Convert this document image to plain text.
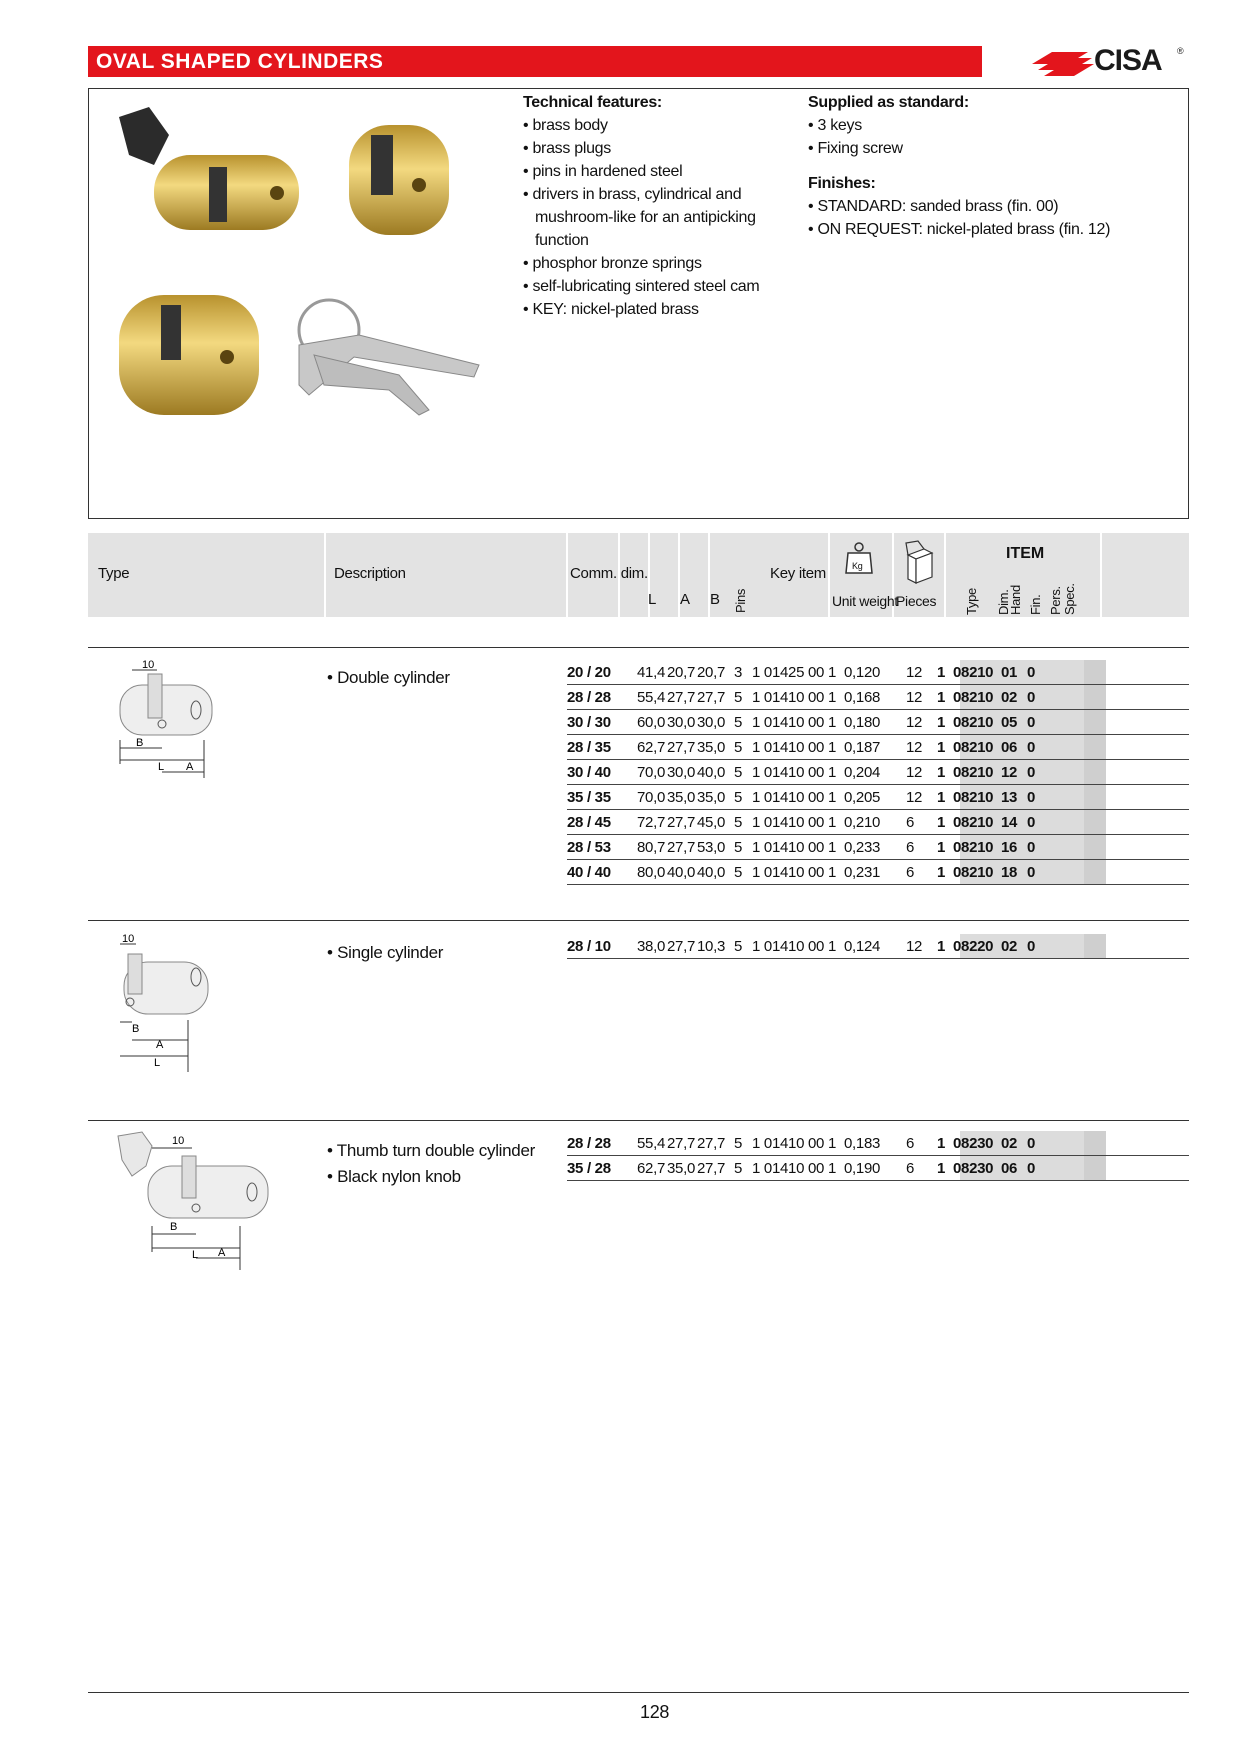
OVAL SHAPED CYLINDERS	CISA ®
Technical features:
• brass body
• brass plugs
• pins in hardened steel
• drivers in brass, cylindrical and mushroom-like for an antipicking function
• phosphor bronze springs
• self-lubricating sintered steel cam
• KEY: nickel-plated brass
Supplied as standard:
• 3 keys
• Fixing screw
Finishes:
• STANDARD: sanded brass (fin. 00)
• ON REQUEST: nickel-plated brass (fin. 12)
Type	Description	Comm. dim.
L A B Pins
Key item	Kg
Unit weight
Pieces
ITEM
Type Dim.
Hand Fin. Pers. Spec.
10
B
L A
• Double cylinder	20 / 20 41,4 20,7 20,7 3 1 01425 00 1 0,120 12 1 08210 01 0
28 / 28 55,4 27,7 27,7 5 1 01410 00 1 0,168 12 1 08210 02 0
30 / 30 60,0 30,0 30,0 5 1 01410 00 1 0,180 12 1 08210 05 0
28 / 35 62,7 27,7 35,0 5 1 01410 00 1 0,187 12 1 08210 06 0
30 / 40 70,0 30,0 40,0 5 1 01410 00 1 0,204 12 1 08210 12 0
35 / 35 70,0 35,0 35,0 5 1 01410 00 1 0,205 12 1 08210 13 0
28 / 45 72,7 27,7 45,0 5 1 01410 00 1 0,210 6 1 08210 14 0
28 / 53 80,7 27,7 53,0 5 1 01410 00 1 0,233 6 1 08210 16 0
40 / 40 80,0 40,0 40,0 5 1 01410 00 1 0,231 6 1 08210 18 0
10
B
A
L
• Single cylinder	28 / 10 38,0 27,7 10,3 5 1 01410 00 1 0,124 12 1 08220 02 0
10
B
L A
• Thumb turn double cylinder
• Black nylon knob
28 / 28 55,4 27,7 27,7 5 1 01410 00 1 0,183 6 1 08230 02 0
35 / 28 62,7 35,0 27,7 5 1 01410 00 1 0,190 6 1 08230 06 0
128
